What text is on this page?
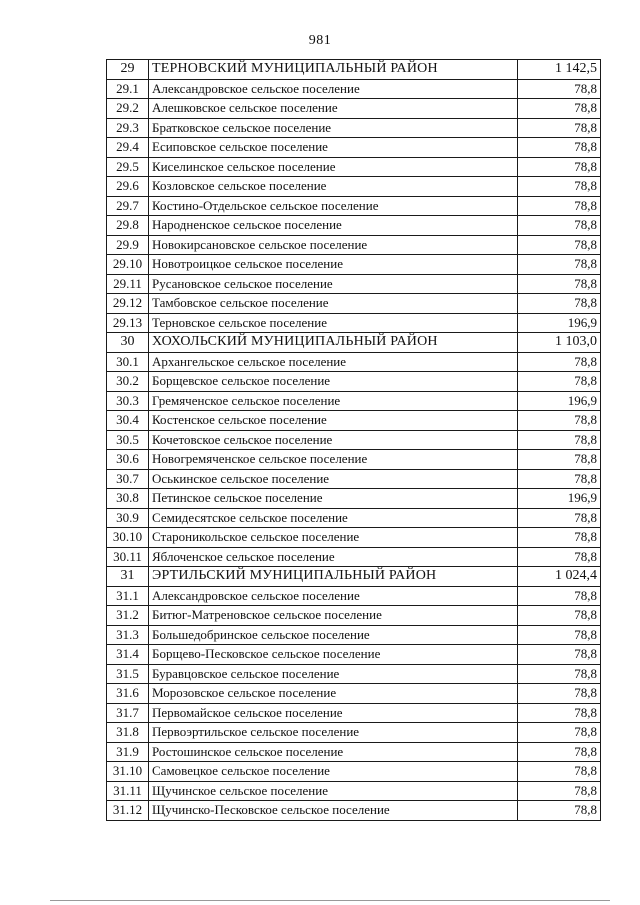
981
29	ТЕРНОВСКИЙ МУНИЦИПАЛЬНЫЙ РАЙОН	1 142,5
29.1	Александровское сельское поселение	78,8
29.2	Алешковское сельское поселение	78,8
29.3	Братковское сельское поселение	78,8
29.4	Есиповское сельское поселение	78,8
29.5	Киселинское сельское поселение	78,8
29.6	Козловское сельское поселение	78,8
29.7	Костино-Отдельское сельское поселение	78,8
29.8	Народненское сельское поселение	78,8
29.9	Новокирсановское сельское поселение	78,8
29.10	Новотроицкое сельское поселение	78,8
29.11	Русановское сельское поселение	78,8
29.12	Тамбовское сельское поселение	78,8
29.13	Терновское сельское поселение	196,9
30	ХОХОЛЬСКИЙ МУНИЦИПАЛЬНЫЙ РАЙОН	1 103,0
30.1	Архангельское сельское поселение	78,8
30.2	Борщевское сельское поселение	78,8
30.3	Гремяченское сельское поселение	196,9
30.4	Костенское сельское поселение	78,8
30.5	Кочетовское сельское поселение	78,8
30.6	Новогремяченское сельское поселение	78,8
30.7	Оськинское сельское поселение	78,8
30.8	Петинское сельское поселение	196,9
30.9	Семидесятское сельское поселение	78,8
30.10	Староникольское сельское поселение	78,8
30.11	Яблоченское сельское поселение	78,8
31	ЭРТИЛЬСКИЙ МУНИЦИПАЛЬНЫЙ РАЙОН	1 024,4
31.1	Александровское сельское поселение	78,8
31.2	Битюг-Матреновское сельское поселение	78,8
31.3	Большедобринское сельское поселение	78,8
31.4	Борщево-Песковское сельское поселение	78,8
31.5	Буравцовское сельское поселение	78,8
31.6	Морозовское сельское поселение	78,8
31.7	Первомайское сельское поселение	78,8
31.8	Первоэртильское сельское поселение	78,8
31.9	Ростошинское сельское поселение	78,8
31.10	Самовецкое сельское поселение	78,8
31.11	Щучинское сельское поселение	78,8
31.12	Щучинско-Песковское сельское поселение	78,8
